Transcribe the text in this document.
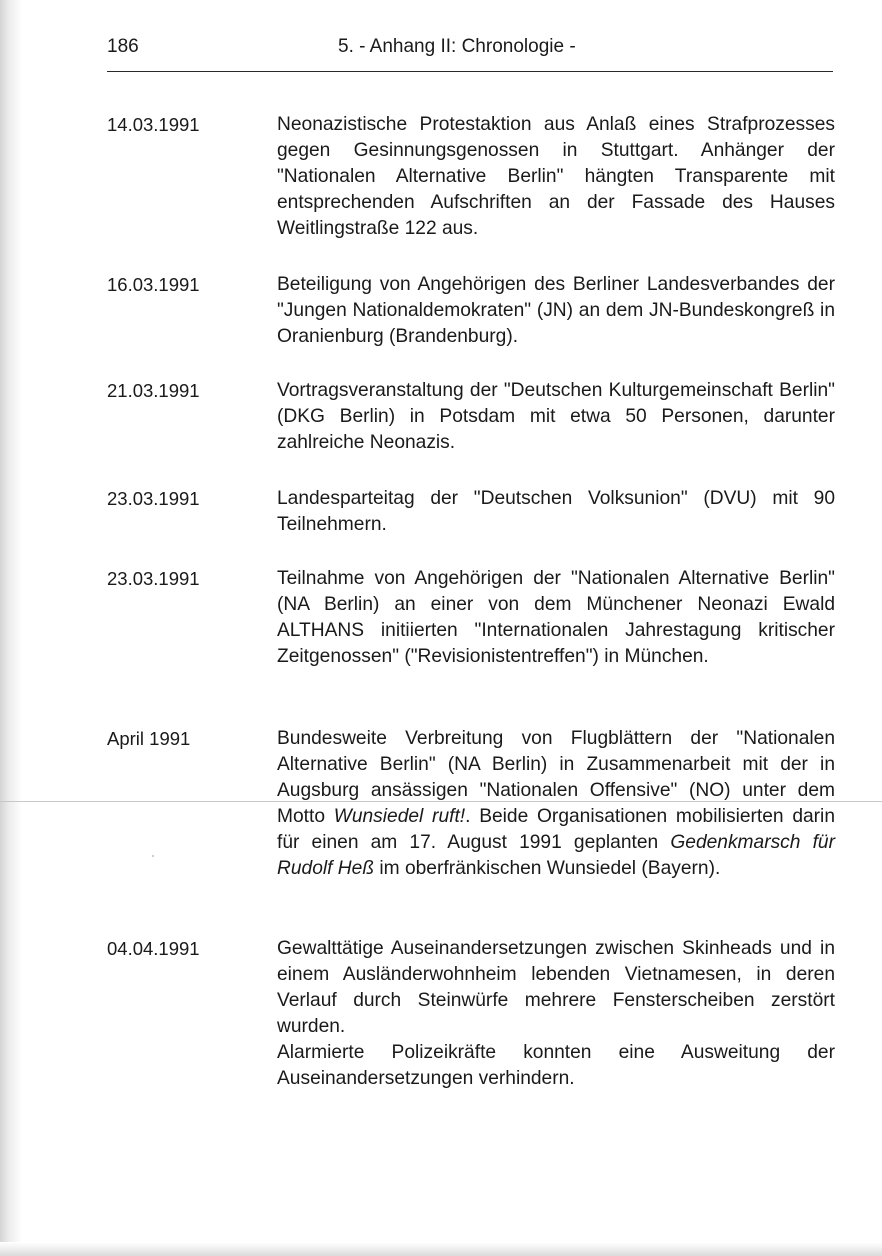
186	5. - Anhang II: Chronologie -
14.03.1991	Neonazistische Protestaktion aus Anlaß eines Strafprozesses gegen Gesinnungsgenossen in Stuttgart. Anhänger der "Nationalen Alternative Berlin" hängten Transparente mit entsprechenden Aufschriften an der Fassade des Hauses Weitlingstraße 122 aus.

16.03.1991	Beteiligung von Angehörigen des Berliner Landesverbandes der "Jungen Nationaldemokraten" (JN) an dem JN-Bundeskongreß in Oranienburg (Brandenburg).

21.03.1991	Vortragsveranstaltung der "Deutschen Kulturgemeinschaft Berlin" (DKG Berlin) in Potsdam mit etwa 50 Personen, darunter zahlreiche Neonazis.

23.03.1991	Landesparteitag der "Deutschen Volksunion" (DVU) mit 90 Teilnehmern.

23.03.1991	Teilnahme von Angehörigen der "Nationalen Alternative Berlin" (NA Berlin) an einer von dem Münchener Neonazi Ewald ALTHANS initiierten "Internationalen Jahrestagung kritischer Zeitgenossen" ("Revisionistentreffen") in München.

April 1991	Bundesweite Verbreitung von Flugblättern der "Nationalen Alternative Berlin" (NA Berlin) in Zusammenarbeit mit der in Augsburg ansässigen "Nationalen Offensive" (NO) unter dem Motto Wunsiedel ruft!. Beide Organisationen mobilisierten darin für einen am 17. August 1991 geplanten Gedenkmarsch für Rudolf Heß im oberfränkischen Wunsiedel (Bayern).

04.04.1991	Gewalttätige Auseinandersetzungen zwischen Skinheads und in einem Ausländerwohnheim lebenden Vietnamesen, in deren Verlauf durch Steinwürfe mehrere Fensterscheiben zerstört wurden.

Alarmierte Polizeikräfte konnten eine Ausweitung der Auseinandersetzungen verhindern.
